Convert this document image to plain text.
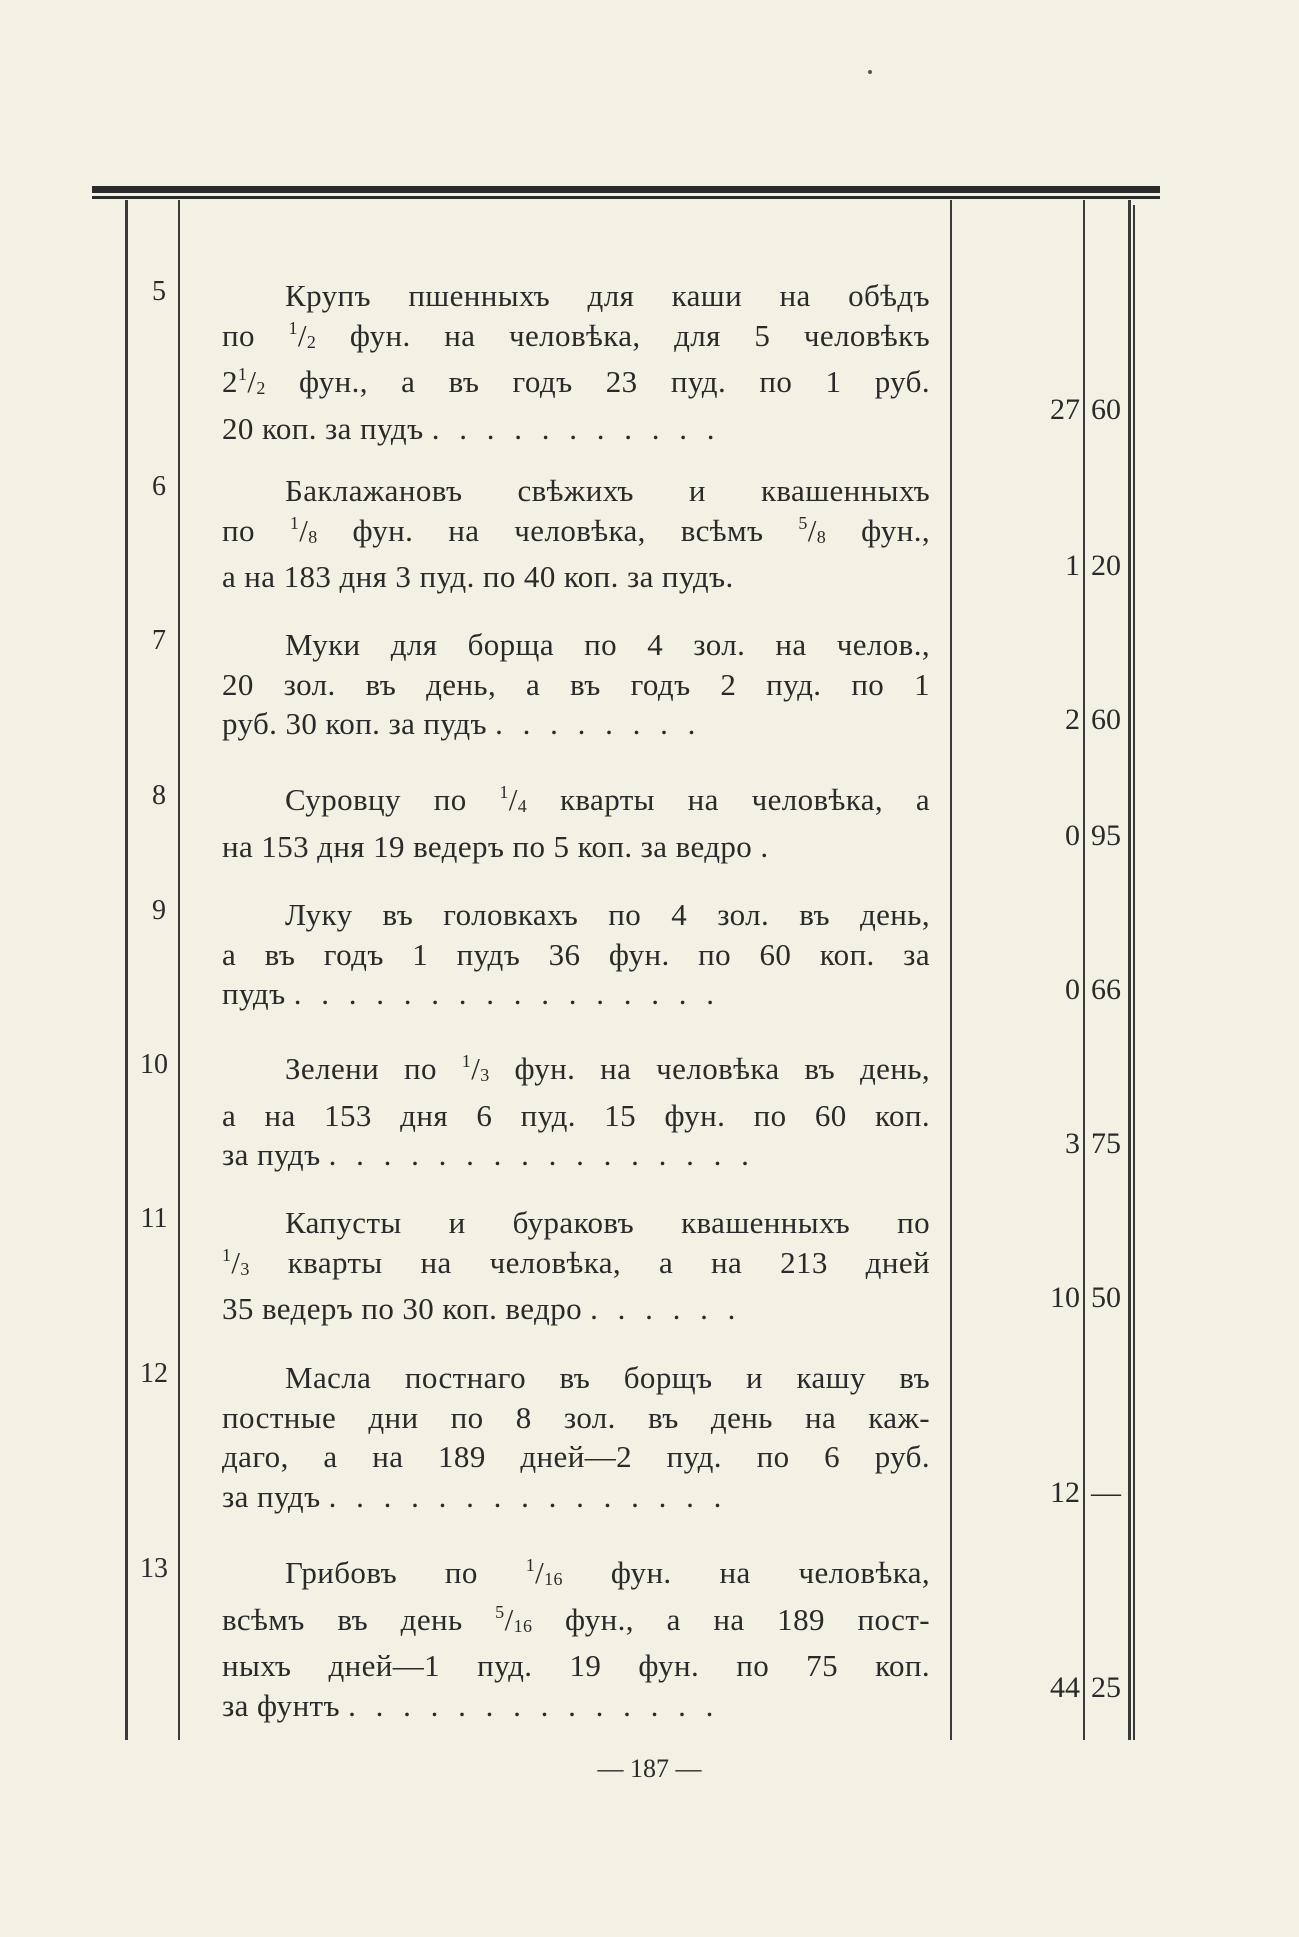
5	Крупъ пшенныхъ для каши на обѣдъ
по $^1/_2$ фун. на человѣка, для 5 человѣкъ
$2^1/_2$ фун., а въ годъ 23 пуд. по 1 руб.
20 коп. за пудъ . . . . . . . . . . .
27 60
6	Баклажановъ свѣжихъ и квашенныхъ
по $^1/_8$ фун. на человѣка, всѣмъ $^5/_8$ фун.,
а на 183 дня 3 пуд. по 40 коп. за пудъ.	1 20
7	Муки для борща по 4 зол. на челов.,
20 зол. въ день, а въ годъ 2 пуд. по 1
руб. 30 коп. за пудъ . . . . . . . .	2 60
8	Суровцу по $^1/_4$ кварты на человѣка, а
на 153 дня 19 ведеръ по 5 коп. за ведро .	0 95
9	Луку въ головкахъ по 4 зол. въ день,
а въ годъ 1 пудъ 36 фун. по 60 коп. за
пудъ . . . . . . . . . . . . . . . .	0 66
10	Зелени по $^1/_3$ фун. на человѣка въ день,
а на 153 дня 6 пуд. 15 фун. по 60 коп.
за пудъ . . . . . . . . . . . . . . . .	3 75
11	Капусты и бураковъ квашенныхъ по
$^1/_3$ кварты на человѣка, а на 213 дней
35 ведеръ по 30 коп. ведро . . . . . .	10 50
12	Масла постнаго въ борщъ и кашу въ
постные дни по 8 зол. въ день на каж-
даго, а на 189 дней—2 пуд. по 6 руб.
за пудъ . . . . . . . . . . . . . . .	12 —
13	Грибовъ по $^1/_{16}$ фун. на человѣка,
всѣмъ въ день $^5/_{16}$ фун., а на 189 пост-
ныхъ дней—1 пуд. 19 фун. по 75 коп.
за фунтъ . . . . . . . . . . . . . .	44 25
— 187 —
